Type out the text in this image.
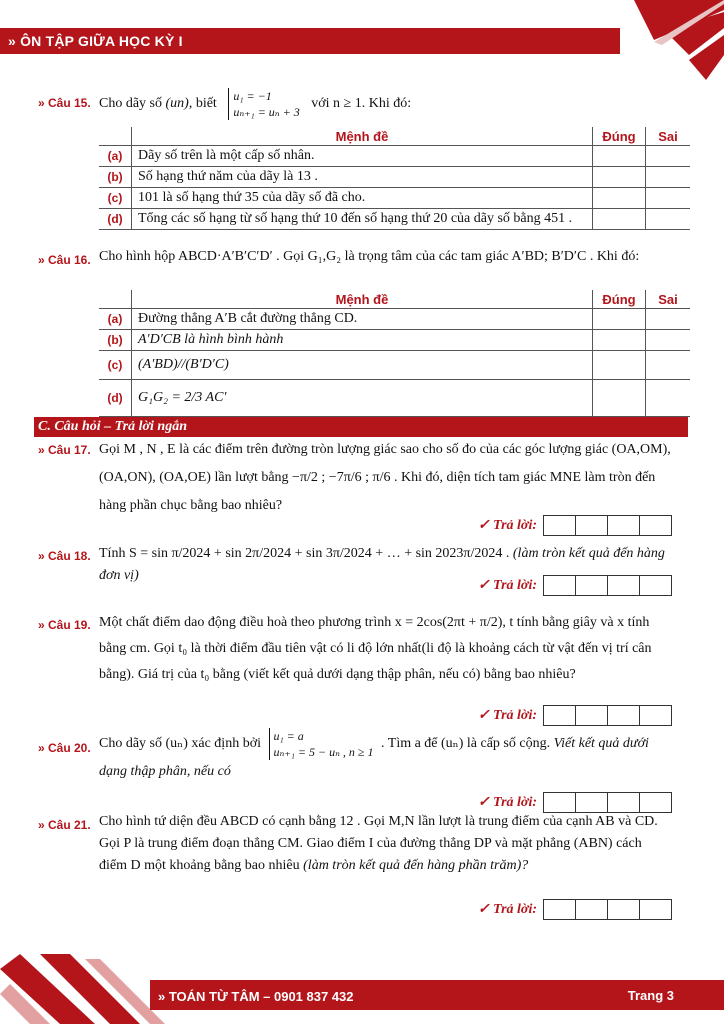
» ÔN TẬP GIỮA HỌC KỲ I
» Câu 15. Cho dãy số (un), biết
u₁ = −1
uₙ₊₁ = uₙ + 3
với n ≥ 1. Khi đó:
	Mệnh đề	Đúng	Sai
(a)	Dãy số trên là một cấp số nhân.		
(b)	Số hạng thứ năm của dãy là 13 .		
(c)	101 là số hạng thứ 35 của dãy số đã cho.		
(d)	Tổng các số hạng từ số hạng thứ 10 đến số hạng thứ 20 của dãy số bằng 451 .		
» Câu 16. Cho hình hộp ABCD·A′B′C′D′ . Gọi G₁,G₂ là trọng tâm của các tam giác A′BD; B′D′C . Khi đó:
	Mệnh đề	Đúng	Sai
(a)	Đường thẳng A′B cắt đường thẳng CD.		
(b)	A′D′CB là hình bình hành		
(c)	(A′BD)//(B′D′C)		
(d)	G₁G₂ = 2/3 AC′		
C. Câu hỏi – Trả lời ngắn
» Câu 17. Gọi M , N , E là các điểm trên đường tròn lượng giác sao cho số đo của các góc lượng giác (OA,OM), (OA,ON), (OA,OE) lần lượt bằng −π/2 ; −7π/6 ; π/6 . Khi đó, diện tích tam giác MNE làm tròn đến hàng phần chục bằng bao nhiêu?
✓ Trả lời:
» Câu 18. Tính S = sin π/2024 + sin 2π/2024 + sin 3π/2024 + … + sin 2023π/2024 . (làm tròn kết quả đến hàng đơn vị)
✓ Trả lời:
» Câu 19. Một chất điểm dao động điều hoà theo phương trình x = 2cos(2πt + π/2), t tính bằng giây và x tính bằng cm. Gọi t₀ là thời điểm đầu tiên vật có li độ lớn nhất(li độ là khoảng cách từ vật đến vị trí cân bằng). Giá trị của t₀ bằng (viết kết quả dưới dạng thập phân, nếu có) bằng bao nhiêu?
✓ Trả lời:
» Câu 20. Cho dãy số (uₙ) xác định bởi
u₁ = a
uₙ₊₁ = 5 − uₙ , n ≥ 1
. Tìm a để (uₙ) là cấp số cộng. Viết kết quả dưới dạng thập phân, nếu có
✓ Trả lời:
» Câu 21. Cho hình tứ diện đều ABCD có cạnh bằng 12 . Gọi M,N lần lượt là trung điểm của cạnh AB và CD. Gọi P là trung điểm đoạn thẳng CM. Giao điểm I của đường thẳng DP và mặt phẳng (ABN) cách điểm D một khoảng bằng bao nhiêu (làm tròn kết quả đến hàng phần trăm)?
✓ Trả lời:
» TOÁN TỪ TÂM – 0901 837 432	Trang 3
